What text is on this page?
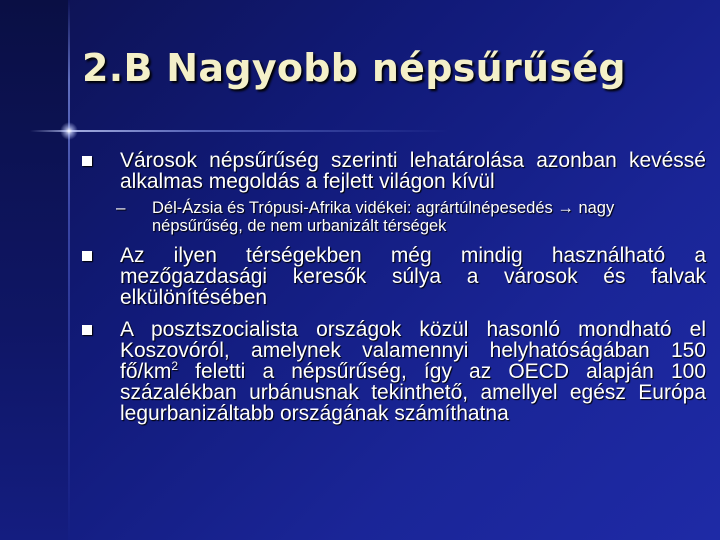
2.B Nagyobb népsűrűség
Városok népsűrűség szerinti lehatárolása azonban kevéssé alkalmas megoldás a fejlett világon kívül
– Dél-Ázsia és Trópusi-Afrika vidékei: agrártúlnépesedés → nagy népsűrűség, de nem urbanizált térségek
Az ilyen térségekben még mindig használható a mezőgazdasági keresők súlya a városok és falvak elkülönítésében
A posztszocialista országok közül hasonló mondható el Koszovóról, amelynek valamennyi helyhatóságában 150 $fő/km^2$ feletti a népsűrűség, így az OECD alapján 100 százalékban urbánusnak tekinthető, amellyel egész Európa legurbanizáltabb országának számíthatna
